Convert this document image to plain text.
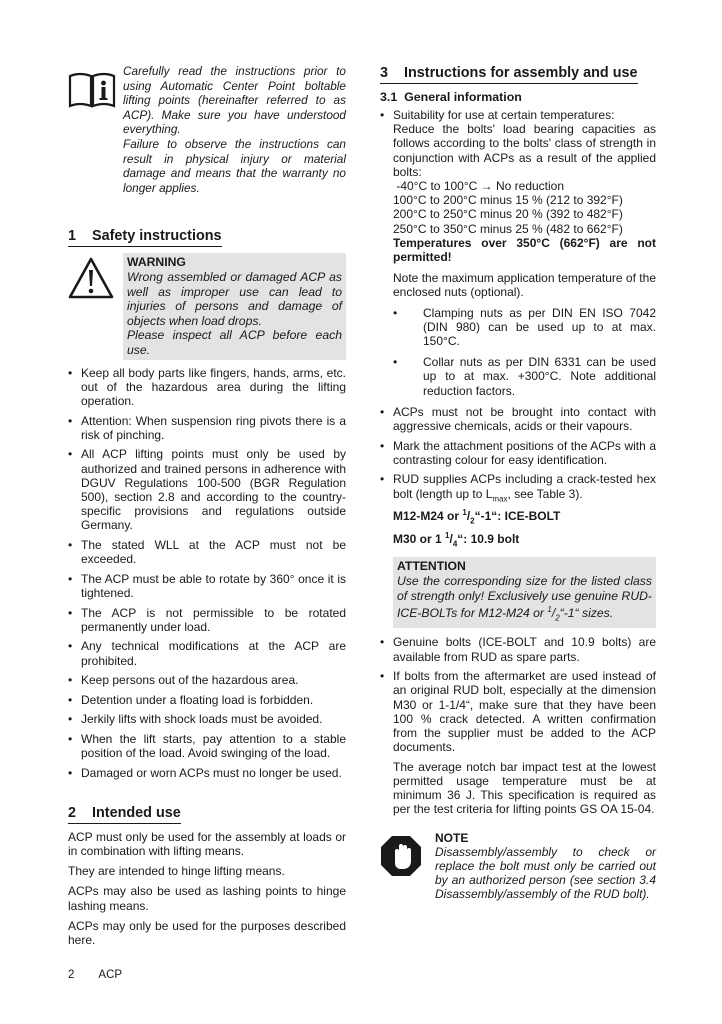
Carefully read the instructions prior to using Automatic Center Point boltable lifting points (hereinafter referred to as ACP). Make sure you have understood everything.

Failure to observe the instructions can result in physical injury or material damage and means that the warranty no longer applies.

1 Safety instructions
WARNING
Wrong assembled or damaged ACP as well as improper use can lead to injuries of persons and damage of objects when load drops.
Please inspect all ACP before each use.
• Keep all body parts like fingers, hands, arms, etc. out of the hazardous area during the lifting operation.
• Attention: When suspension ring pivots there is a risk of pinching.
• All ACP lifting points must only be used by authorized and trained persons in adherence with DGUV Regulations 100-500 (BGR Regulation 500), section 2.8 and according to the country-specific provisions and regulations outside Germany.
• The stated WLL at the ACP must not be exceeded.
• The ACP must be able to rotate by 360° once it is tightened.
• The ACP is not permissible to be rotated permanently under load.
• Any technical modifications at the ACP are prohibited.
• Keep persons out of the hazardous area.
• Detention under a floating load is forbidden.
• Jerkily lifts with shock loads must be avoided.
• When the lift starts, pay attention to a stable position of the load. Avoid swinging of the load.
• Damaged or worn ACPs must no longer be used.
2 Intended use

ACP must only be used for the assembly at loads or in combination with lifting means.

They are intended to hinge lifting means.

ACPs may also be used as lashing points to hinge lashing means.

ACPs may only be used for the purposes described here.

3 Instructions for assembly and use
3.1 General information
• Suitability for use at certain temperatures:
Reduce the bolts' load bearing capacities as follows according to the bolts' class of strength in conjunction with ACPs as a result of the applied bolts:
-40°C to 100°C → No reduction
100°C to 200°C minus 15 % (212 to 392°F)
200°C to 250°C minus 20 % (392 to 482°F)
250°C to 350°C minus 25 % (482 to 662°F)
Temperatures over 350°C (662°F) are not permitted!
Note the maximum application temperature of the enclosed nuts (optional).
• Clamping nuts as per DIN EN ISO 7042 (DIN 980) can be used up to at max. 150°C.
• Collar nuts as per DIN 6331 can be used up to at max. +300°C. Note additional reduction factors.
• ACPs must not be brought into contact with aggressive chemicals, acids or their vapours.
• Mark the attachment positions of the ACPs with a contrasting colour for easy identification.
• RUD supplies ACPs including a crack-tested hex bolt (length up to $L_{max}$, see Table 3).
M12-M24 or $^1/_2“-1“$: ICE-BOLT
M30 or 1 $^1/_4“$: 10.9 bolt
ATTENTION
Use the corresponding size for the listed class of strength only! Exclusively use genuine RUD-ICE-BOLTs for M12-M24 or $^1/_2“-1“$ sizes.
• Genuine bolts (ICE-BOLT and 10.9 bolts) are available from RUD as spare parts.
• If bolts from the aftermarket are used instead of an original RUD bolt, especially at the dimension M30 or 1-1/4“, make sure that they have been 100 % crack detected. A written confirmation from the supplier must be added to the ACP documents.

The average notch bar impact test at the lowest permitted usage temperature must be at minimum 36 J. This specification is required as per the test criteria for lifting points GS OA 15-04.

NOTE
Disassembly/assembly to check or replace the bolt must only be carried out by an authorized person (see section 3.4 Disassembly/assembly of the RUD bolt).
2 ACP
